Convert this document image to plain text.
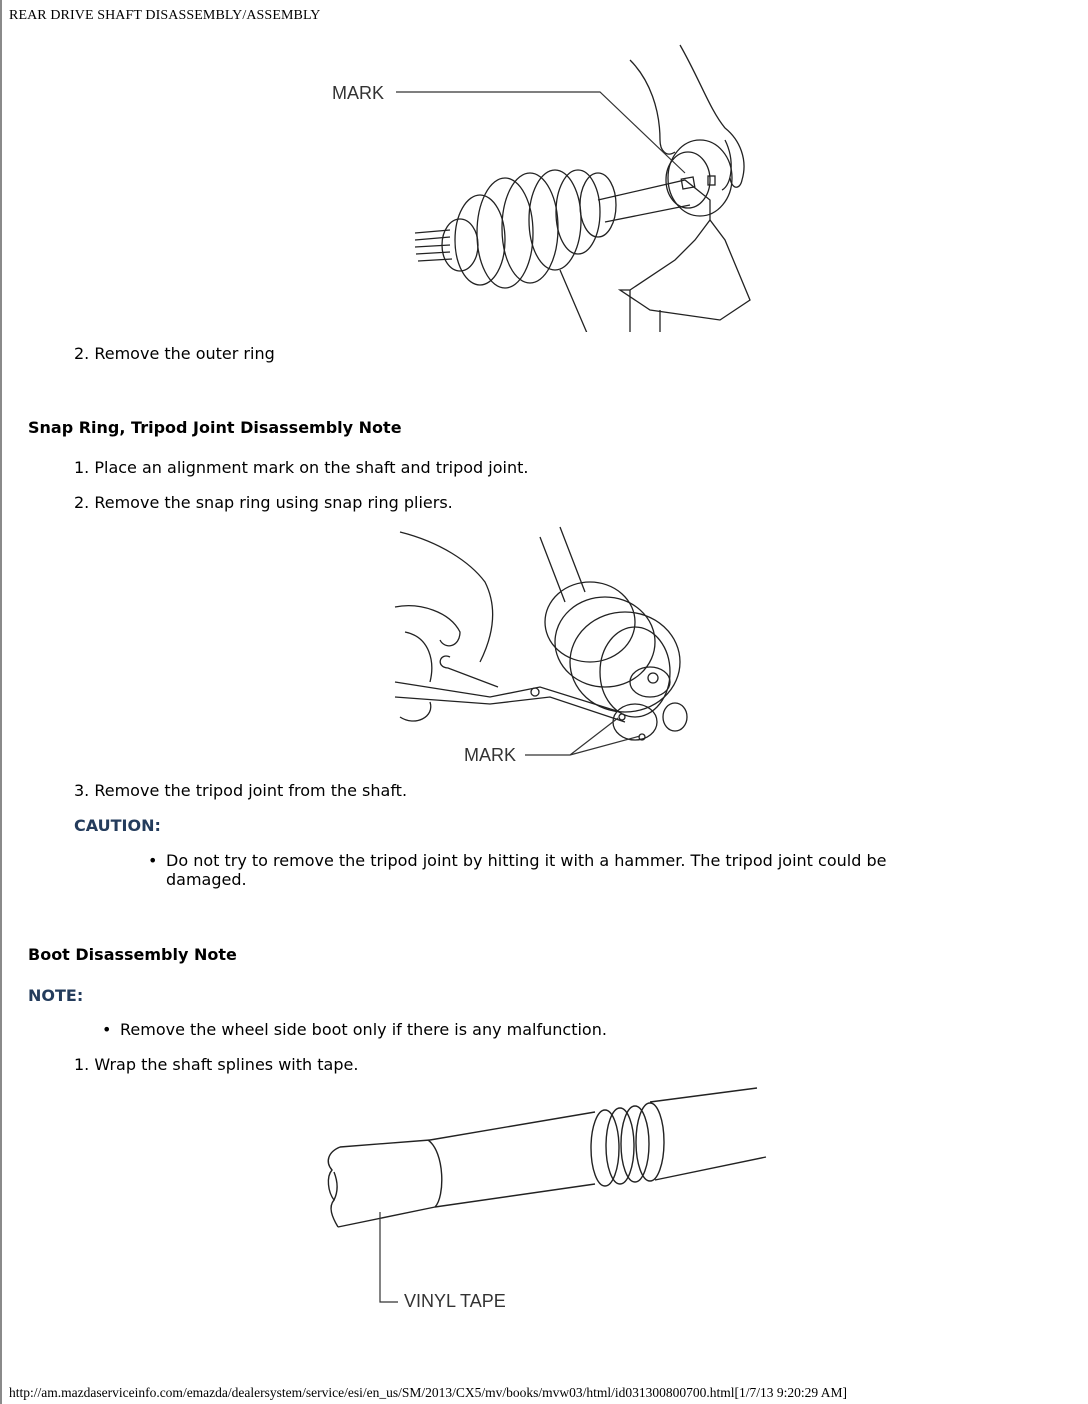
REAR DRIVE SHAFT DISASSEMBLY/ASSEMBLY
MARK
2. Remove the outer ring
Snap Ring, Tripod Joint Disassembly Note
1. Place an alignment mark on the shaft and tripod joint.
2. Remove the snap ring using snap ring pliers.
MARK
3. Remove the tripod joint from the shaft.
CAUTION:
• Do not try to remove the tripod joint by hitting it with a hammer. The tripod joint could be
damaged.
Boot Disassembly Note
NOTE:
• Remove the wheel side boot only if there is any malfunction.
1. Wrap the shaft splines with tape.
VINYL TAPE
http://am.mazdaserviceinfo.com/emazda/dealersystem/service/esi/en_us/SM/2013/CX5/mv/books/mvw03/html/id031300800700.html[1/7/13 9:20:29 AM]
